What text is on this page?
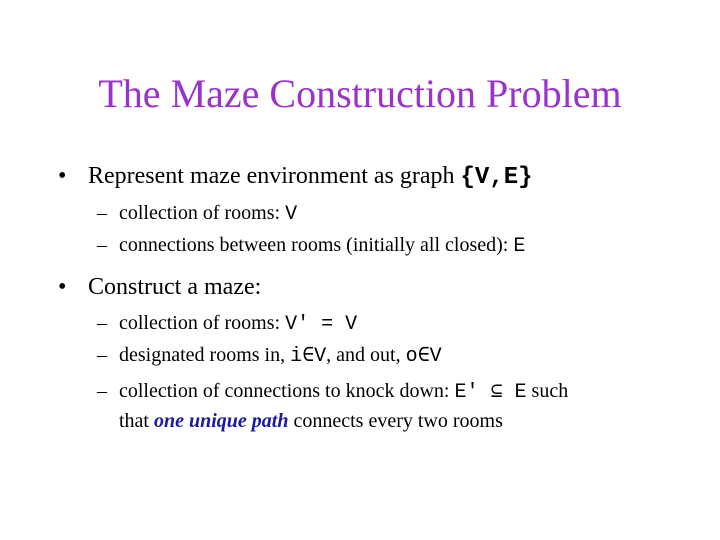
The Maze Construction Problem
• Represent maze environment as graph {V,E}
– collection of rooms: V
– connections between rooms (initially all closed): E
• Construct a maze:
– collection of rooms: V′ = V
– designated rooms in, i∈V, and out, o∈V
– collection of connections to knock down: E′ ⊆ E such
that one unique path connects every two rooms
